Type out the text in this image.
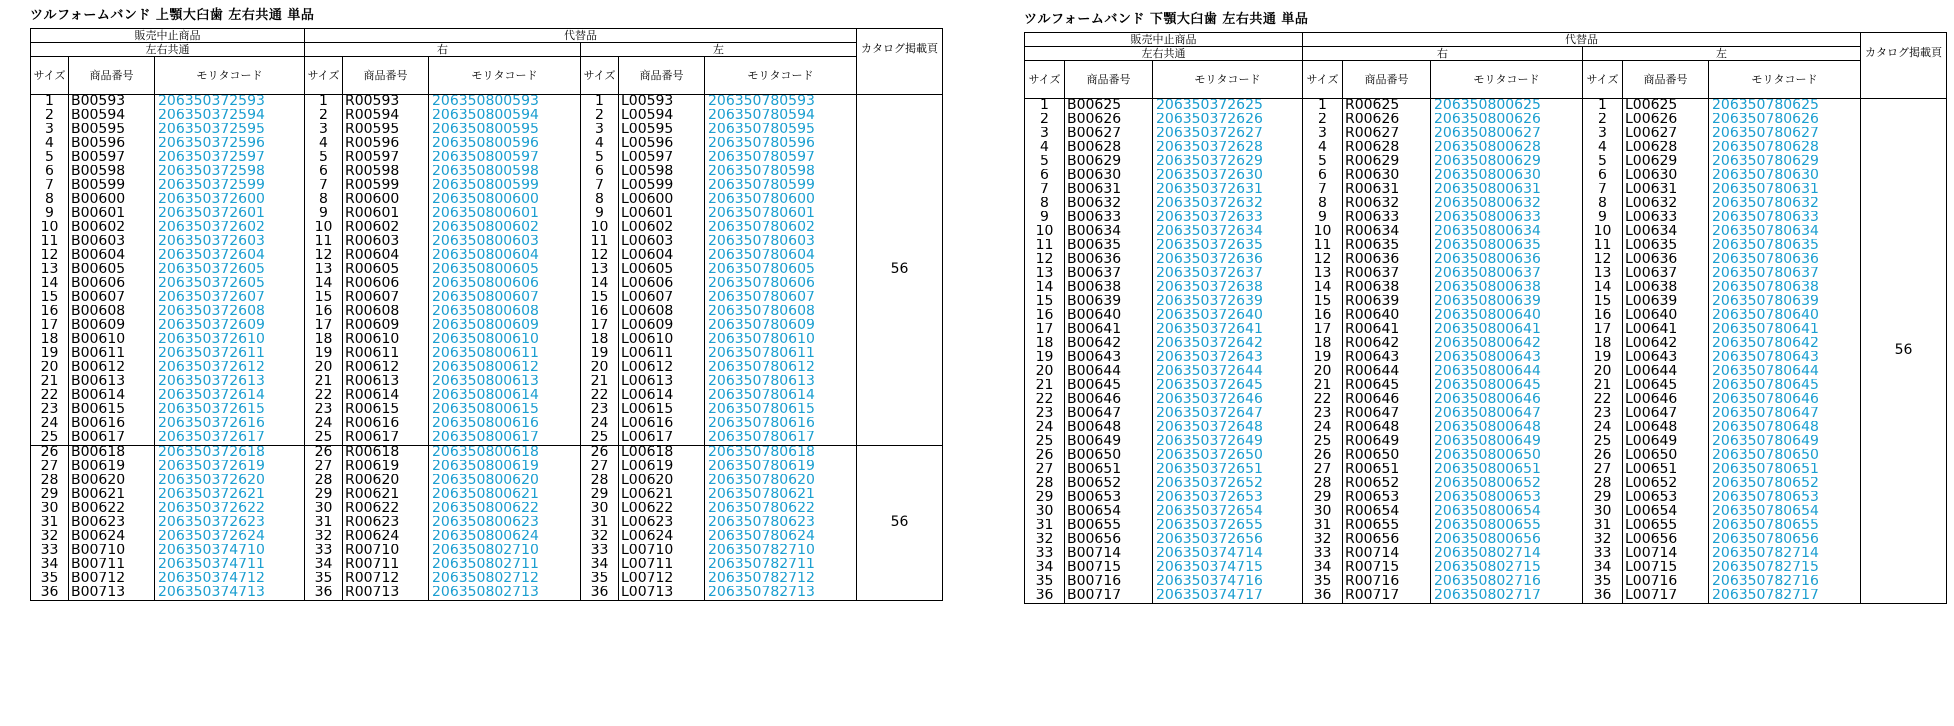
ツルフォームバンド 上顎大臼歯 左右共通 単品
販売中止商品			代替品						カタログ掲載頁
左右共通			右			左			
サイズ	商品番号	モリタコード	サイズ	商品番号	モリタコード	サイズ	商品番号	モリタコード	
1	B00593	206350372593	1	R00593	206350800593	1	L00593	206350780593	56
2	B00594	206350372594	2	R00594	206350800594	2	L00594	206350780594	
3	B00595	206350372595	3	R00595	206350800595	3	L00595	206350780595	
4	B00596	206350372596	4	R00596	206350800596	4	L00596	206350780596	
5	B00597	206350372597	5	R00597	206350800597	5	L00597	206350780597	
6	B00598	206350372598	6	R00598	206350800598	6	L00598	206350780598	
7	B00599	206350372599	7	R00599	206350800599	7	L00599	206350780599	
8	B00600	206350372600	8	R00600	206350800600	8	L00600	206350780600	
9	B00601	206350372601	9	R00601	206350800601	9	L00601	206350780601	
10	B00602	206350372602	10	R00602	206350800602	10	L00602	206350780602	
11	B00603	206350372603	11	R00603	206350800603	11	L00603	206350780603	
12	B00604	206350372604	12	R00604	206350800604	12	L00604	206350780604	
13	B00605	206350372605	13	R00605	206350800605	13	L00605	206350780605	
14	B00606	206350372605	14	R00606	206350800606	14	L00606	206350780606	
15	B00607	206350372607	15	R00607	206350800607	15	L00607	206350780607	
16	B00608	206350372608	16	R00608	206350800608	16	L00608	206350780608	
17	B00609	206350372609	17	R00609	206350800609	17	L00609	206350780609	
18	B00610	206350372610	18	R00610	206350800610	18	L00610	206350780610	
19	B00611	206350372611	19	R00611	206350800611	19	L00611	206350780611	
20	B00612	206350372612	20	R00612	206350800612	20	L00612	206350780612	
21	B00613	206350372613	21	R00613	206350800613	21	L00613	206350780613	
22	B00614	206350372614	22	R00614	206350800614	22	L00614	206350780614	
23	B00615	206350372615	23	R00615	206350800615	23	L00615	206350780615	
24	B00616	206350372616	24	R00616	206350800616	24	L00616	206350780616	
25	B00617	206350372617	25	R00617	206350800617	25	L00617	206350780617	
26	B00618	206350372618	26	R00618	206350800618	26	L00618	206350780618	56
27	B00619	206350372619	27	R00619	206350800619	27	L00619	206350780619	
28	B00620	206350372620	28	R00620	206350800620	28	L00620	206350780620	
29	B00621	206350372621	29	R00621	206350800621	29	L00621	206350780621	
30	B00622	206350372622	30	R00622	206350800622	30	L00622	206350780622	
31	B00623	206350372623	31	R00623	206350800623	31	L00623	206350780623	
32	B00624	206350372624	32	R00624	206350800624	32	L00624	206350780624	
33	B00710	206350374710	33	R00710	206350802710	33	L00710	206350782710	
34	B00711	206350374711	34	R00711	206350802711	34	L00711	206350782711	
35	B00712	206350374712	35	R00712	206350802712	35	L00712	206350782712	
36	B00713	206350374713	36	R00713	206350802713	36	L00713	206350782713	
ツルフォームバンド 下顎大臼歯 左右共通 単品
販売中止商品			代替品						カタログ掲載頁
左右共通			右			左			
サイズ	商品番号	モリタコード	サイズ	商品番号	モリタコード	サイズ	商品番号	モリタコード	
1	B00625	206350372625	1	R00625	206350800625	1	L00625	206350780625	56
2	B00626	206350372626	2	R00626	206350800626	2	L00626	206350780626	
3	B00627	206350372627	3	R00627	206350800627	3	L00627	206350780627	
4	B00628	206350372628	4	R00628	206350800628	4	L00628	206350780628	
5	B00629	206350372629	5	R00629	206350800629	5	L00629	206350780629	
6	B00630	206350372630	6	R00630	206350800630	6	L00630	206350780630	
7	B00631	206350372631	7	R00631	206350800631	7	L00631	206350780631	
8	B00632	206350372632	8	R00632	206350800632	8	L00632	206350780632	
9	B00633	206350372633	9	R00633	206350800633	9	L00633	206350780633	
10	B00634	206350372634	10	R00634	206350800634	10	L00634	206350780634	
11	B00635	206350372635	11	R00635	206350800635	11	L00635	206350780635	
12	B00636	206350372636	12	R00636	206350800636	12	L00636	206350780636	
13	B00637	206350372637	13	R00637	206350800637	13	L00637	206350780637	
14	B00638	206350372638	14	R00638	206350800638	14	L00638	206350780638	
15	B00639	206350372639	15	R00639	206350800639	15	L00639	206350780639	
16	B00640	206350372640	16	R00640	206350800640	16	L00640	206350780640	
17	B00641	206350372641	17	R00641	206350800641	17	L00641	206350780641	
18	B00642	206350372642	18	R00642	206350800642	18	L00642	206350780642	
19	B00643	206350372643	19	R00643	206350800643	19	L00643	206350780643	
20	B00644	206350372644	20	R00644	206350800644	20	L00644	206350780644	
21	B00645	206350372645	21	R00645	206350800645	21	L00645	206350780645	
22	B00646	206350372646	22	R00646	206350800646	22	L00646	206350780646	
23	B00647	206350372647	23	R00647	206350800647	23	L00647	206350780647	
24	B00648	206350372648	24	R00648	206350800648	24	L00648	206350780648	
25	B00649	206350372649	25	R00649	206350800649	25	L00649	206350780649	
26	B00650	206350372650	26	R00650	206350800650	26	L00650	206350780650	
27	B00651	206350372651	27	R00651	206350800651	27	L00651	206350780651	
28	B00652	206350372652	28	R00652	206350800652	28	L00652	206350780652	
29	B00653	206350372653	29	R00653	206350800653	29	L00653	206350780653	
30	B00654	206350372654	30	R00654	206350800654	30	L00654	206350780654	
31	B00655	206350372655	31	R00655	206350800655	31	L00655	206350780655	
32	B00656	206350372656	32	R00656	206350800656	32	L00656	206350780656	
33	B00714	206350374714	33	R00714	206350802714	33	L00714	206350782714	
34	B00715	206350374715	34	R00715	206350802715	34	L00715	206350782715	
35	B00716	206350374716	35	R00716	206350802716	35	L00716	206350782716	
36	B00717	206350374717	36	R00717	206350802717	36	L00717	206350782717	
